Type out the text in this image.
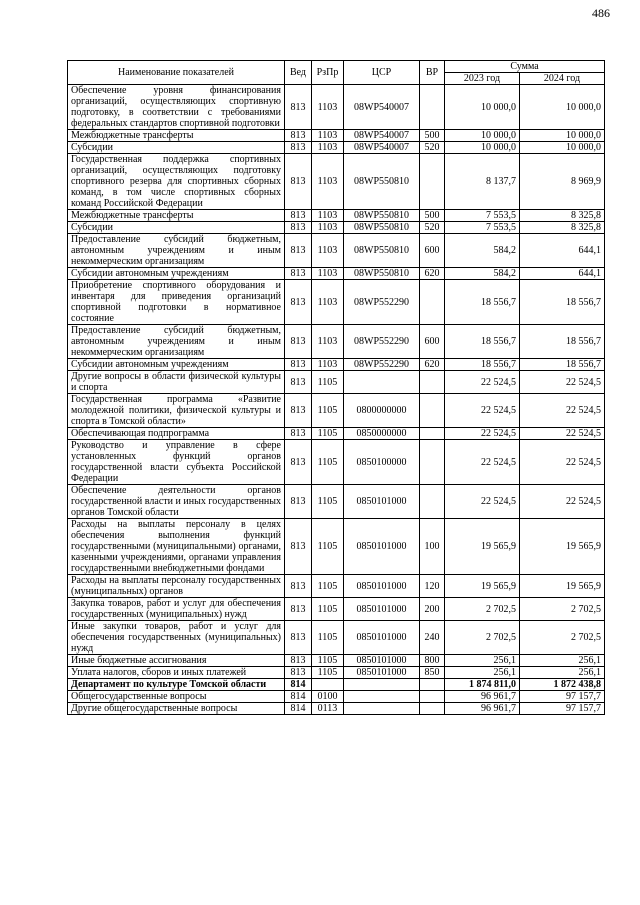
486
Наименование показателей	Вед	РзПр	ЦСР	ВР	Сумма	
					2023 год	2024 год
Обеспечение уровня финансирования организаций, осуществляющих спортивную подготовку, в соответствии с требованиями федеральных стандартов спортивной подготовки	813	1103	08WP540007		10 000,0	10 000,0
Межбюджетные трансферты	813	1103	08WP540007	500	10 000,0	10 000,0
Субсидии	813	1103	08WP540007	520	10 000,0	10 000,0
Государственная поддержка спортивных организаций, осуществляющих подготовку спортивного резерва для спортивных сборных команд, в том числе спортивных сборных команд Российской Федерации	813	1103	08WP550810		8 137,7	8 969,9
Межбюджетные трансферты	813	1103	08WP550810	500	7 553,5	8 325,8
Субсидии	813	1103	08WP550810	520	7 553,5	8 325,8
Предоставление субсидий бюджетным, автономным учреждениям и иным некоммерческим организациям	813	1103	08WP550810	600	584,2	644,1
Субсидии автономным учреждениям	813	1103	08WP550810	620	584,2	644,1
Приобретение спортивного оборудования и инвентаря для приведения организаций спортивной подготовки в нормативное состояние	813	1103	08WP552290		18 556,7	18 556,7
Предоставление субсидий бюджетным, автономным учреждениям и иным некоммерческим организациям	813	1103	08WP552290	600	18 556,7	18 556,7
Субсидии автономным учреждениям	813	1103	08WP552290	620	18 556,7	18 556,7
Другие вопросы в области физической культуры и спорта	813	1105			22 524,5	22 524,5
Государственная программа «Развитие молодежной политики, физической культуры и спорта в Томской области»	813	1105	0800000000		22 524,5	22 524,5
Обеспечивающая подпрограмма	813	1105	0850000000		22 524,5	22 524,5
Руководство и управление в сфере установленных функций органов государственной власти субъекта Российской Федерации	813	1105	0850100000		22 524,5	22 524,5
Обеспечение деятельности органов государственной власти и иных государственных органов Томской области	813	1105	0850101000		22 524,5	22 524,5
Расходы на выплаты персоналу в целях обеспечения выполнения функций государственными (муниципальными) органами, казенными учреждениями, органами управления государственными внебюджетными фондами	813	1105	0850101000	100	19 565,9	19 565,9
Расходы на выплаты персоналу государственных (муниципальных) органов	813	1105	0850101000	120	19 565,9	19 565,9
Закупка товаров, работ и услуг для обеспечения государственных (муниципальных) нужд	813	1105	0850101000	200	2 702,5	2 702,5
Иные закупки товаров, работ и услуг для обеспечения государственных (муниципальных) нужд	813	1105	0850101000	240	2 702,5	2 702,5
Иные бюджетные ассигнования	813	1105	0850101000	800	256,1	256,1
Уплата налогов, сборов и иных платежей	813	1105	0850101000	850	256,1	256,1
Департамент по культуре Томской области	814				1 874 811,0	1 872 438,8
Общегосударственные вопросы	814	0100			96 961,7	97 157,7
Другие общегосударственные вопросы	814	0113			96 961,7	97 157,7
